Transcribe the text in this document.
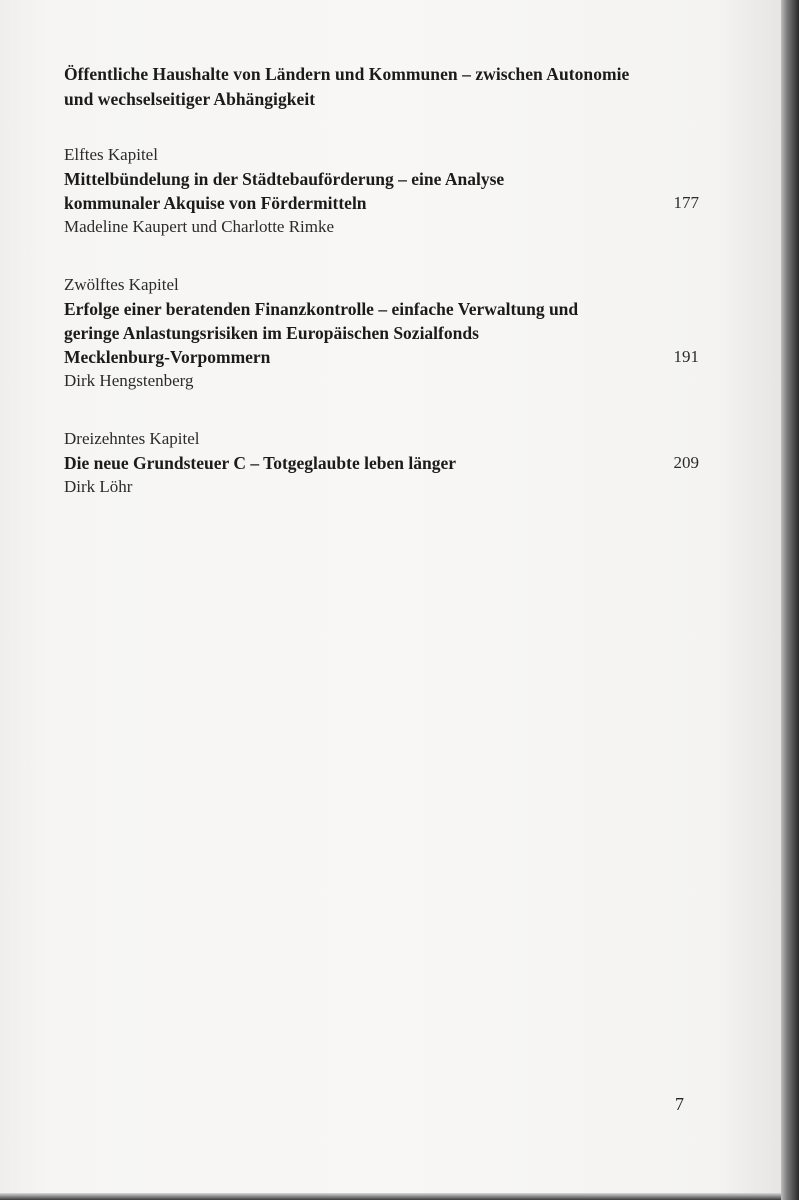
Öffentliche Haushalte von Ländern und Kommunen – zwischen Autonomie
und wechselseitiger Abhängigkeit
Elftes Kapitel
Mittelbündelung in der Städtebauförderung – eine Analyse
kommunaler Akquise von Fördermitteln	177
Madeline Kaupert und Charlotte Rimke
Zwölftes Kapitel
Erfolge einer beratenden Finanzkontrolle – einfache Verwaltung und
geringe Anlastungsrisiken im Europäischen Sozialfonds
Mecklenburg-Vorpommern	191
Dirk Hengstenberg
Dreizehntes Kapitel
Die neue Grundsteuer C – Totgeglaubte leben länger	209
Dirk Löhr
7
